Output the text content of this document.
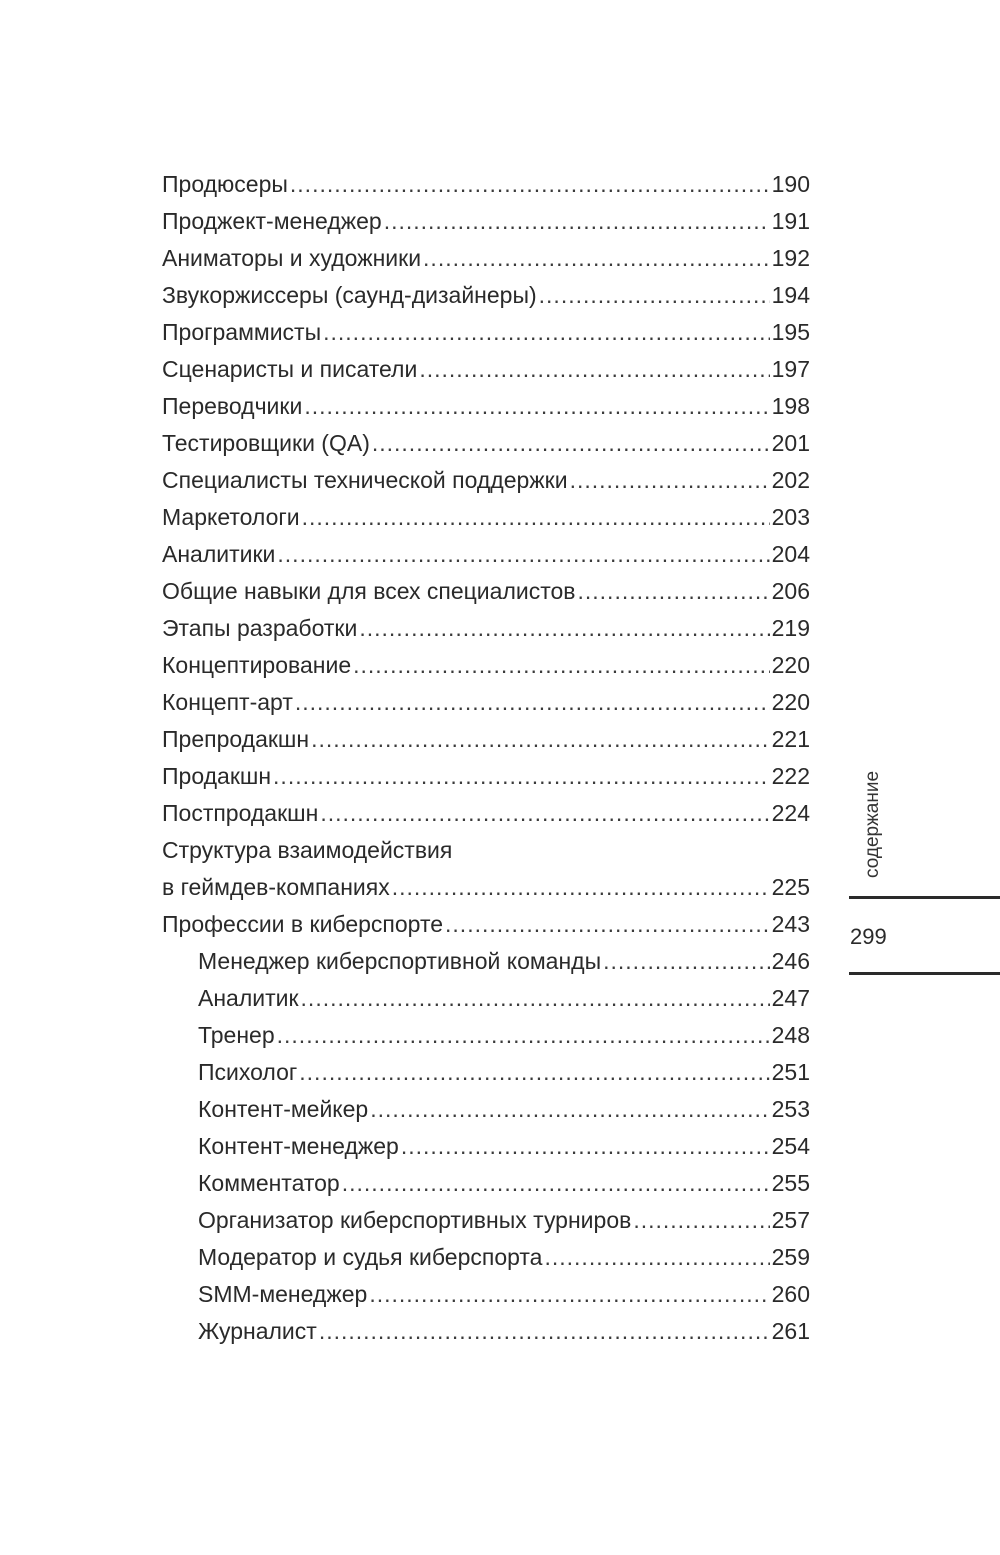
Продюсеры .....	190
Проджект-менеджер .....	191
Аниматоры и художники .....	192
Звукоржиссеры (саунд-дизайнеры) .....	194
Программисты .....	195
Сценаристы и писатели .....	197
Переводчики .....	198
Тестировщики (QA) .....	201
Специалисты технической поддержки .....	202
Маркетологи .....	203
Аналитики .....	204
Общие навыки для всех специалистов .....	206
Этапы разработки .....	219
Концептирование .....	220
Концепт-арт .....	220
Препродакшн .....	221
Продакшн .....	222
Постпродакшн .....	224
Структура взаимодействия
в геймдев-компаниях .....	225
Профессии в киберспорте .....	243
Менеджер киберспортивной команды .....	246
Аналитик .....	247
Тренер .....	248
Психолог .....	251
Контент-мейкер .....	253
Контент-менеджер .....	254
Комментатор .....	255
Организатор киберспортивных турниров .....	257
Модератор и судья киберспорта .....	259
SMM-менеджер .....	260
Журналист .....	261
содержание
299
